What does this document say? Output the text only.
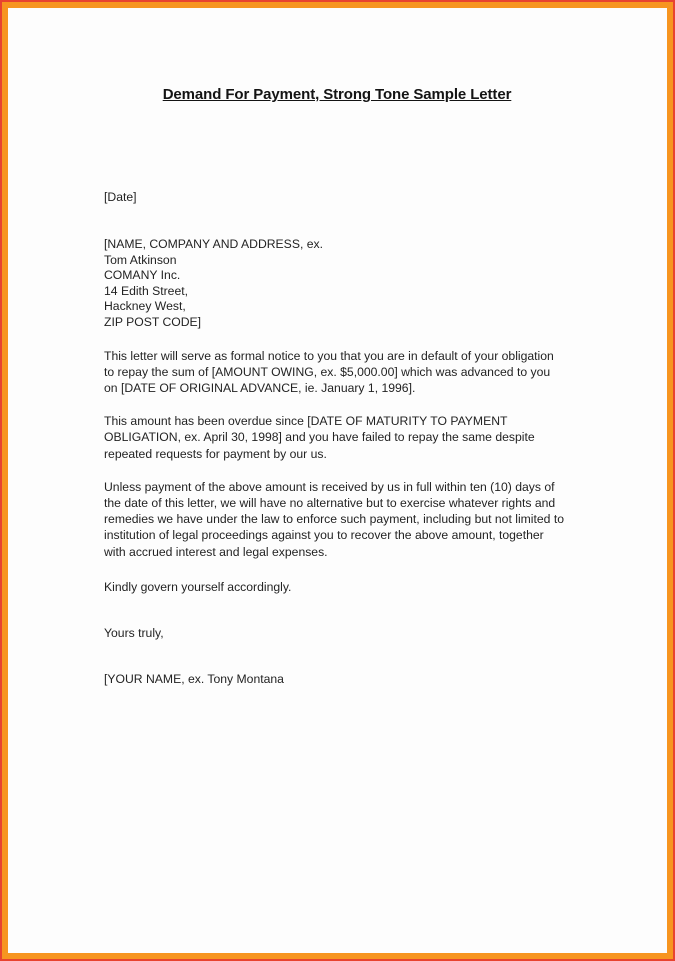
Demand For Payment, Strong Tone Sample Letter

[Date]

[NAME, COMPANY AND ADDRESS, ex.
Tom Atkinson
COMANY Inc.
14 Edith Street,
Hackney West,
ZIP POST CODE]

This letter will serve as formal notice to you that you are in default of your obligation to repay the sum of [AMOUNT OWING, ex. $5,000.00] which was advanced to you on [DATE OF ORIGINAL ADVANCE, ie. January 1, 1996].

This amount has been overdue since [DATE OF MATURITY TO PAYMENT OBLIGATION, ex. April 30, 1998] and you have failed to repay the same despite repeated requests for payment by our us.

Unless payment of the above amount is received by us in full within ten (10) days of the date of this letter, we will have no alternative but to exercise whatever rights and remedies we have under the law to enforce such payment, including but not limited to institution of legal proceedings against you to recover the above amount, together with accrued interest and legal expenses.

Kindly govern yourself accordingly.

Yours truly,

[YOUR NAME, ex. Tony Montana
